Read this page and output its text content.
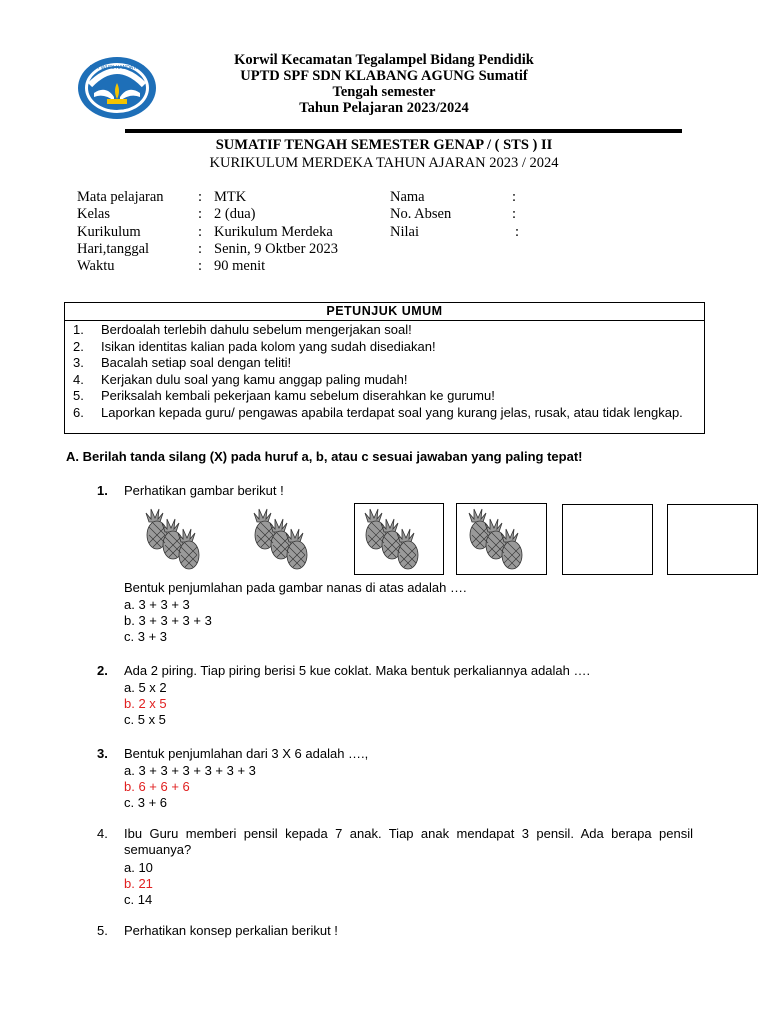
TUT WURI HANDAYANI	Korwil Kecamatan Tegalampel Bidang Pendidik
UPTD SPF SDN KLABANG AGUNG Sumatif
Tengah semester
Tahun Pelajaran 2023/2024
SUMATIF TENGAH SEMESTER GENAP / ( STS ) II
KURIKULUM MERDEKA TAHUN AJARAN 2023 / 2024
Mata pelajaran : MTK
Kelas	: 2 (dua)
Kurikulum	: Kurikulum Merdeka
Hari,tanggal	: Senin, 9 Oktber 2023
Waktu	: 90 menit
Nama	:
No. Absen	:
Nilai	:
PETUNJUK UMUM
1. Berdoalah terlebih dahulu sebelum mengerjakan soal!
2. Isikan identitas kalian pada kolom yang sudah disediakan!
3. Bacalah setiap soal dengan teliti!
4. Kerjakan dulu soal yang kamu anggap paling mudah!
5. Periksalah kembali pekerjaan kamu sebelum diserahkan ke gurumu!
6. Laporkan kepada guru/ pengawas apabila terdapat soal yang kurang jelas, rusak, atau tidak lengkap.
A. Berilah tanda silang (X) pada huruf a, b, atau c sesuai jawaban yang paling tepat!
1. Perhatikan gambar berikut !
Bentuk penjumlahan pada gambar nanas di atas adalah ….
a. 3 + 3 + 3
b. 3 + 3 + 3 + 3
c. 3 + 3
2. Ada 2 piring. Tiap piring berisi 5 kue coklat. Maka bentuk perkaliannya adalah ….
a. 5 x 2
b. 2 x 5
c. 5 x 5
3. Bentuk penjumlahan dari 3 X 6 adalah ….,
a. 3 + 3 + 3 + 3 + 3 + 3
b. 6 + 6 + 6
c. 3 + 6
4. Ibu Guru memberi pensil kepada 7 anak. Tiap anak mendapat 3 pensil. Ada berapa pensil semuanya?
a. 10
b. 21
c. 14
5. Perhatikan konsep perkalian berikut !
